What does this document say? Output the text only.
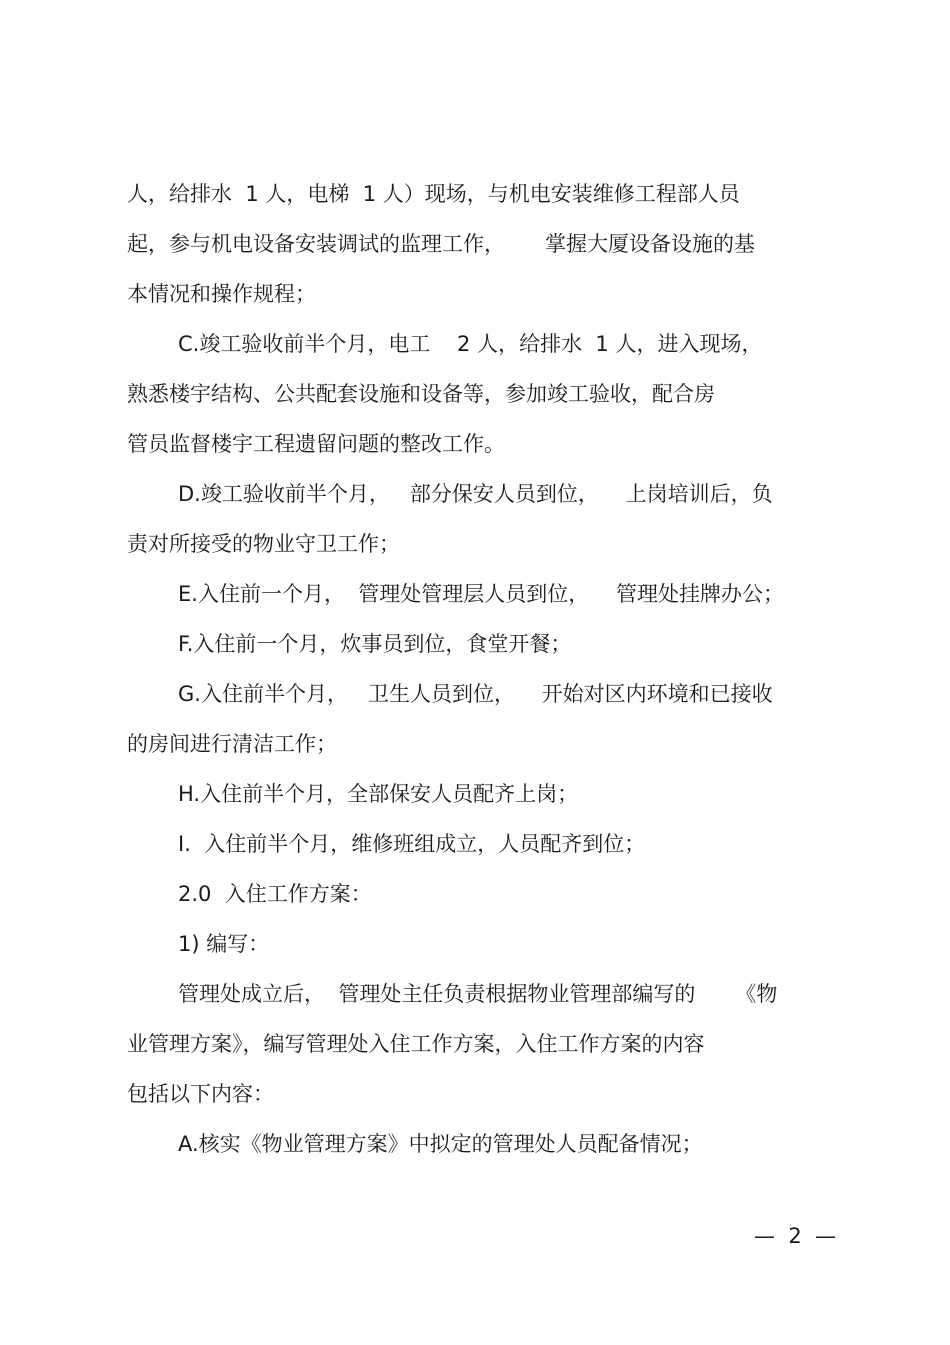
人，给排水  1 人，电梯  1 人）现场，与机电安装维修工程部人员

起，参与机电设备安装调试的监理工作，      掌握大厦设备设施的基

本情况和操作规程；

C.竣工验收前半个月，电工    2 人，给排水  1 人，进入现场，

熟悉楼宇结构、公共配套设施和设备等，参加竣工验收，配合房

管员监督楼宇工程遗留问题的整改工作。

D.竣工验收前半个月，   部分保安人员到位，    上岗培训后，负

责对所接受的物业守卫工作；

E.入住前一个月，  管理处管理层人员到位，    管理处挂牌办公；

F.入住前一个月，炊事员到位，食堂开餐；

G.入住前半个月，   卫生人员到位，    开始对区内环境和已接收

的房间进行清洁工作；

H.入住前半个月，全部保安人员配齐上岗；

I.  入住前半个月，维修班组成立，人员配齐到位；

2.0  入住工作方案：

1) 编写：

管理处成立后，  管理处主任负责根据物业管理部编写的      《物

业管理方案》，编写管理处入住工作方案，入住工作方案的内容

包括以下内容：

A.核实《物业管理方案》中拟定的管理处人员配备情况；

—  2  —
